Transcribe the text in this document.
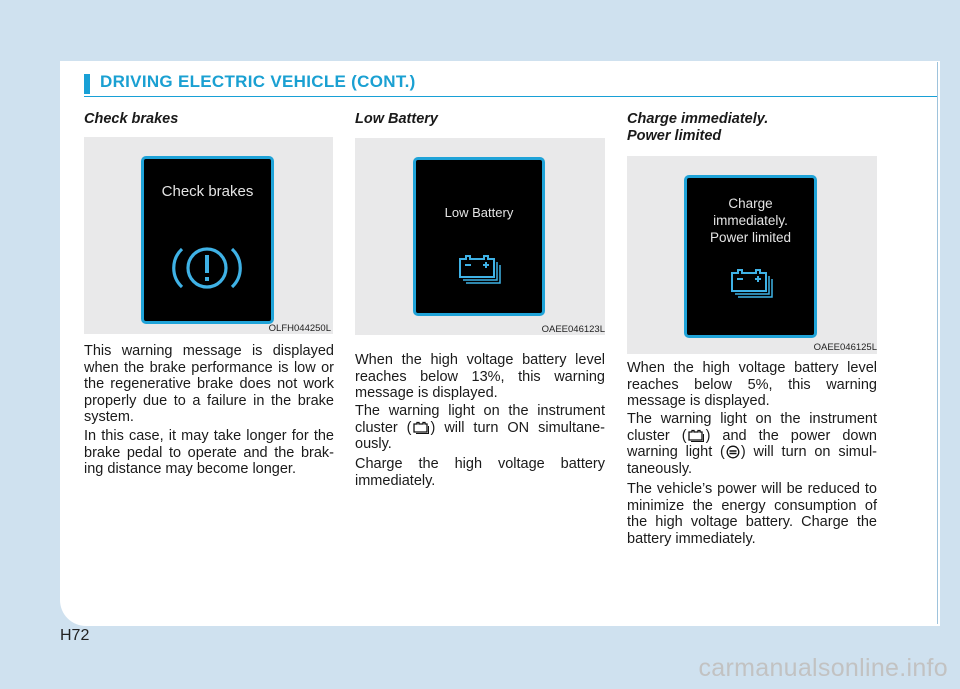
DRIVING ELECTRIC VEHICLE (CONT.)
Check brakes
Check brakes
OLFH044250L
This warning message is displayed when the brake performance is low or the regenerative brake does not work properly due to a failure in the brake system.
In this case, it may take longer for the brake pedal to operate and the brak-ing distance may become longer.
Low Battery
Low Battery
OAEE046123L
When the high voltage battery level reaches below 13%, this warning message is displayed.
The warning light on the instrument cluster ( ) will turn ON simultane-ously.
Charge the high voltage battery immediately.
Charge immediately.
Power limited
Charge
immediately.
Power limited
OAEE046125L
When the high voltage battery level reaches below 5%, this warning message is displayed.
The warning light on the instrument cluster ( ) and the power down warning light ( ) will turn on simul-taneously.
The vehicle’s power will be reduced to minimize the energy consumption of the high voltage battery. Charge the battery immediately.
H72
carmanualsonline.info
